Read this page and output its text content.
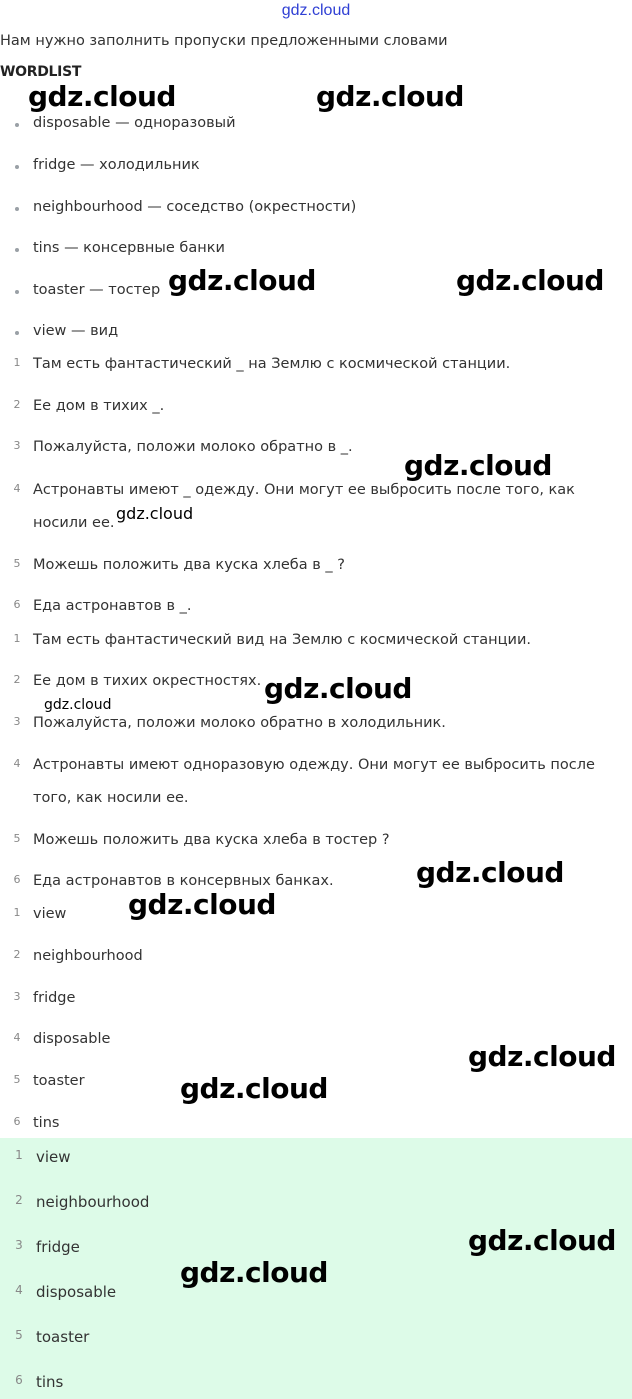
gdz.cloud
Нам нужно заполнить пропуски предложенными словами
WORDLIST
disposable — одноразовый
fridge — холодильник
neighbourhood — соседство (окрестности)
tins — консервные банки
toaster — тостер
view — вид
1 Там есть фантастический _ на Землю с космической станции.
2 Ее дом в тихих _.
3 Пожалуйста, положи молоко обратно в _.
4 Астронавты имеют _ одежду. Они могут ее выбросить после того, как носили ее.
5 Можешь положить два куска хлеба в _ ?
6 Еда астронавтов в _.
1 Там есть фантастический вид на Землю с космической станции.
2 Ее дом в тихих окрестностях.
3 Пожалуйста, положи молоко обратно в холодильник.
4 Астронавты имеют одноразовую одежду. Они могут ее выбросить после того, как носили ее.
5 Можешь положить два куска хлеба в тостер ?
6 Еда астронавтов в консервных банках.
1 view
2 neighbourhood
3 fridge
4 disposable
5 toaster
6 tins
1 view
2 neighbourhood
3 fridge
4 disposable
5 toaster
6 tins
gdz.cloud	gdz.cloud
gdz.cloud	gdz.cloud
gdz.cloud
gdz.cloud
gdz.cloud
gdz.cloud
gdz.cloud
gdz.cloud
gdz.cloud
gdz.cloud
gdz.cloud
gdz.cloud
